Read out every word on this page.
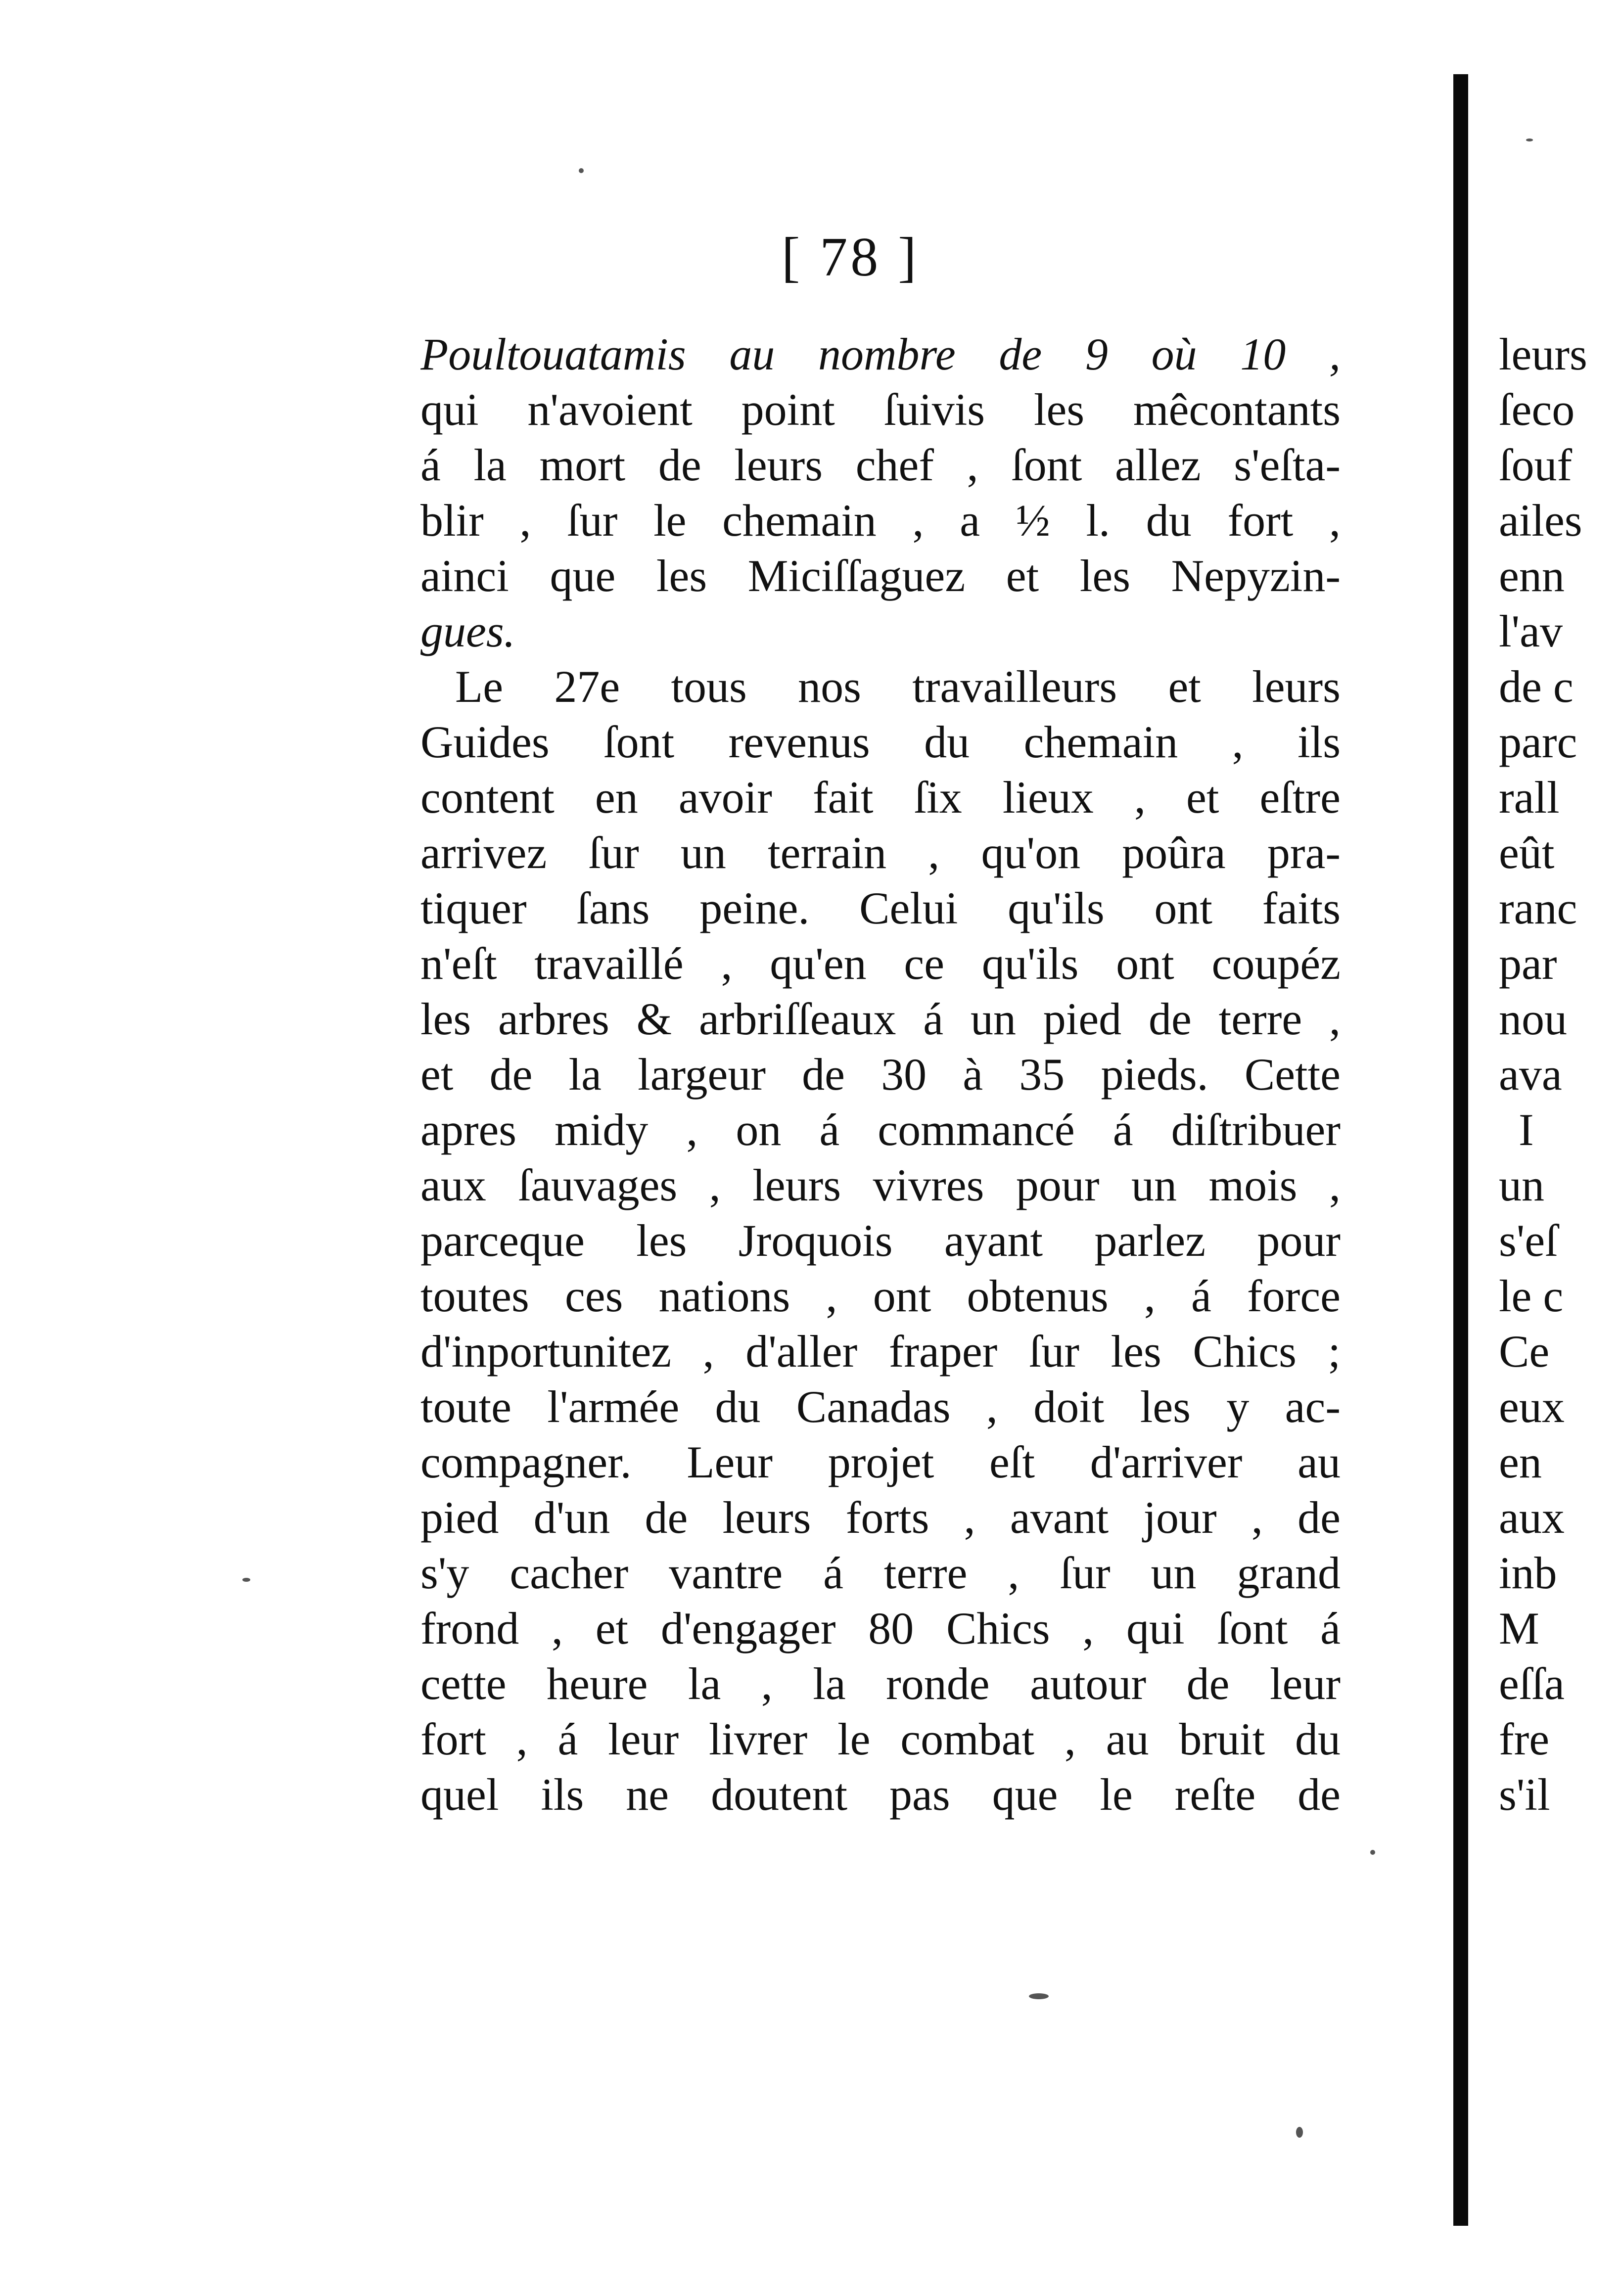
[ 78 ]
Poultouatamis au nombre de 9 où 10 ,
qui n'avoient point ſuivis les mêcontants
á la mort de leurs chef , ſont allez s'eſta-
blir , ſur le chemain , a ½ l. du fort ,
ainci que les Miciſſaguez et les Nepyzin-
gues.
Le 27e tous nos travailleurs et leurs
Guides ſont revenus du chemain , ils
content en avoir fait ſix lieux , et eſtre
arrivez ſur un terrain , qu'on poûra pra-
tiquer ſans peine. Celui qu'ils ont faits
n'eſt travaillé , qu'en ce qu'ils ont coupéz
les arbres & arbriſſeaux á un pied de terre ,
et de la largeur de 30 à 35 pieds. Cette
apres midy , on á commancé á diſtribuer
aux ſauvages , leurs vivres pour un mois ,
parceque les Jroquois ayant parlez pour
toutes ces nations , ont obtenus , á force
d'inportunitez , d'aller fraper ſur les Chics ;
toute l'armée du Canadas , doit les y ac-
compagner. Leur projet eſt d'arriver au
pied d'un de leurs forts , avant jour , de
s'y cacher vantre á terre , ſur un grand
frond , et d'engager 80 Chics , qui ſont á
cette heure la , la ronde autour de leur
fort , á leur livrer le combat , au bruit du
quel ils ne doutent pas que le reſte de
leurs
ſeco
ſouf
ailes
enn
l'av
de c
parc
rall
eût
ranc
par
nou
ava
I
un
s'eſ
le c
Ce
eux
en
aux
inb
M
eſſa
fre
s'il
